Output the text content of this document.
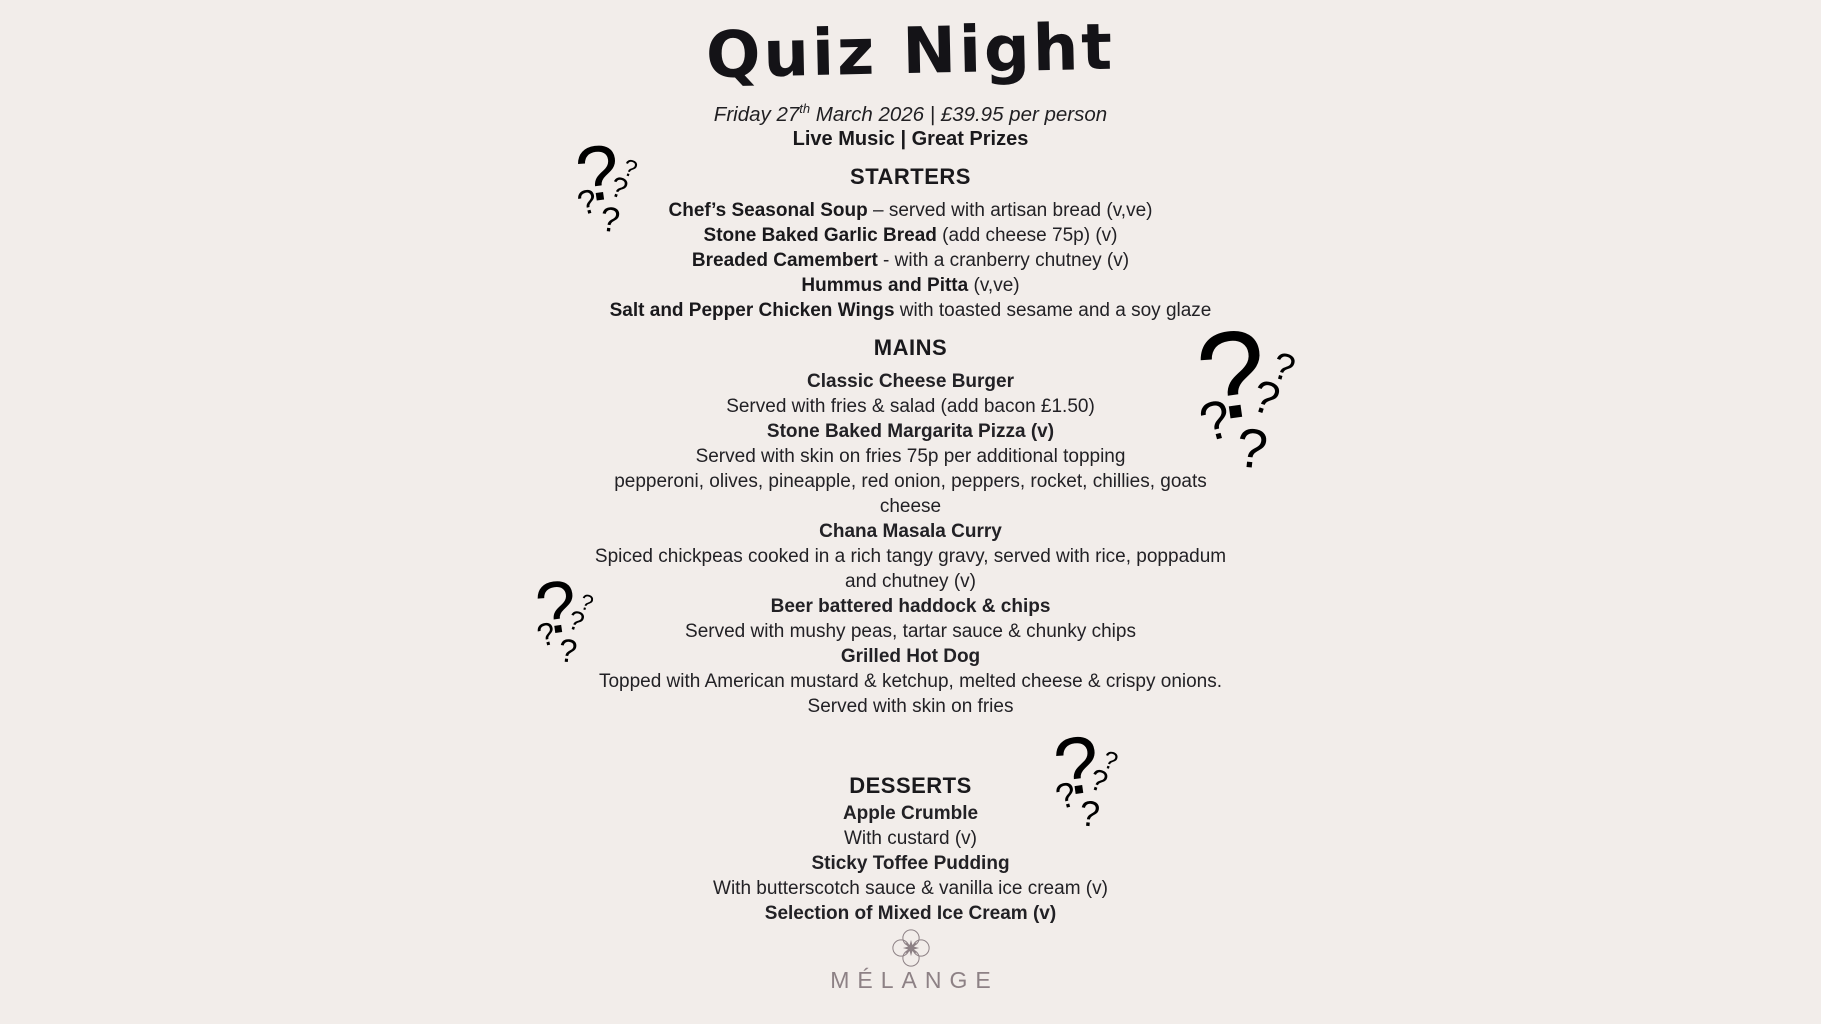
Quiz Night
Friday 27th March 2026 | £39.95 per person
Live Music | Great Prizes
STARTERS
Chef’s Seasonal Soup – served with artisan bread (v,ve)
Stone Baked Garlic Bread (add cheese 75p) (v)
Breaded Camembert - with a cranberry chutney (v)
Hummus and Pitta (v,ve)
Salt and Pepper Chicken Wings with toasted sesame and a soy glaze
MAINS
Classic Cheese Burger
Served with fries & salad (add bacon £1.50)
Stone Baked Margarita Pizza (v)
Served with skin on fries 75p per additional topping
pepperoni, olives, pineapple, red onion, peppers, rocket, chillies, goats
cheese
Chana Masala Curry
Spiced chickpeas cooked in a rich tangy gravy, served with rice, poppadum
and chutney (v)
Beer battered haddock & chips
Served with mushy peas, tartar sauce & chunky chips
Grilled Hot Dog
Topped with American mustard & ketchup, melted cheese & crispy onions.
Served with skin on fries
DESSERTS
Apple Crumble
With custard (v)
Sticky Toffee Pudding
With butterscotch sauce & vanilla ice cream (v)
Selection of Mixed Ice Cream (v)
MÉLANGE
